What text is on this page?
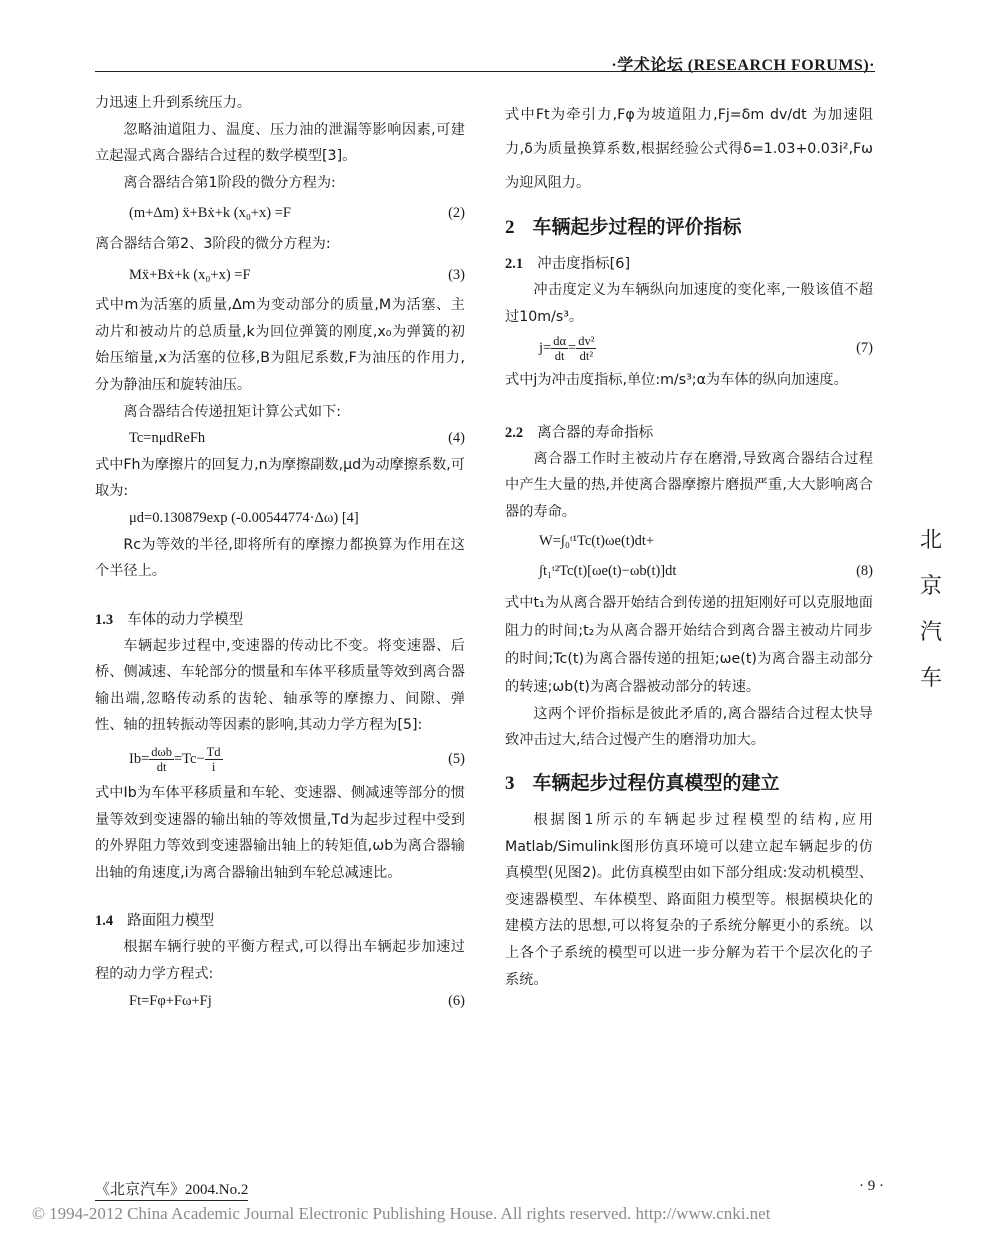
·学术论坛 (RESEARCH FORUMS)·

力迅速上升到系统压力。

忽略油道阻力、温度、压力油的泄漏等影响因素,可建立起湿式离合器结合过程的数学模型[3]。

离合器结合第1阶段的微分方程为:

(m+Δm) ẍ+Bẋ+k (x₀+x) =F	(2)

离合器结合第2、3阶段的微分方程为:

Mẍ+Bẋ+k (x₀+x) =F	(3)

式中m为活塞的质量,Δm为变动部分的质量,M为活塞、主动片和被动片的总质量,k为回位弹簧的刚度,x₀为弹簧的初始压缩量,x为活塞的位移,B为阻尼系数,F为油压的作用力,分为静油压和旋转油压。

离合器结合传递扭矩计算公式如下:

Tc=nμdReFh	(4)

式中Fh为摩擦片的回复力,n为摩擦副数,μd为动摩擦系数,可取为:

μd=0.130879exp (-0.00544774·Δω) [4]

Rc为等效的半径,即将所有的摩擦力都换算为作用在这个半径上。

1.3 车体的动力学模型

车辆起步过程中,变速器的传动比不变。将变速器、后桥、侧减速、车轮部分的惯量和车体平移质量等效到离合器输出端,忽略传动系的齿轮、轴承等的摩擦力、间隙、弹性、轴的扭转振动等因素的影响,其动力学方程为[5]:

$Ib= \frac{\text{dωb}}{dt} =Tc- \frac{Td}{i}$	(5)

式中Ib为车体平移质量和车轮、变速器、侧减速等部分的惯量等效到变速器的输出轴的等效惯量,Td为起步过程中受到的外界阻力等效到变速器输出轴上的转矩值,ωb为离合器输出轴的角速度,i为离合器输出轴到车轮总减速比。

1.4 路面阻力模型

根据车辆行驶的平衡方程式,可以得出车辆起步加速过程的动力学方程式:

Ft=Fφ+Fω+Fj	(6)

式中Ft为牵引力,Fφ为坡道阻力,Fj=δm dv/dt 为加速阻力,δ为质量换算系数,根据经验公式得δ=1.03+0.03i²,Fω为迎风阻力。

2 车辆起步过程的评价指标
2.1 冲击度指标[6]

冲击度定义为车辆纵向加速度的变化率,一般该值不超过10m/s³。

$j= \frac{d\alpha}{dt} = \frac{\text{dv²}}{\text{dt²}}$	(7)

式中j为冲击度指标,单位:m/s³;α为车体的纵向加速度。

2.2 离合器的寿命指标

离合器工作时主被动片存在磨滑,导致离合器结合过程中产生大量的热,并使离合器摩擦片磨损严重,大大影响离合器的寿命。

W=∫₀ᵗ¹Tc(t)ωe(t)dt+
∫t₁ᵗ²Tc(t)[ωe(t)−ωb(t)]dt	(8)

式中t₁为从离合器开始结合到传递的扭矩刚好可以克服地面阻力的时间;t₂为从离合器开始结合到离合器主被动片同步的时间;Tc(t)为离合器传递的扭矩;ωe(t)为离合器主动部分的转速;ωb(t)为离合器被动部分的转速。

这两个评价指标是彼此矛盾的,离合器结合过程太快导致冲击过大,结合过慢产生的磨滑功加大。

3 车辆起步过程仿真模型的建立

根据图1所示的车辆起步过程模型的结构,应用Matlab/Simulink图形仿真环境可以建立起车辆起步的仿真模型(见图2)。此仿真模型由如下部分组成:发动机模型、变速器模型、车体模型、路面阻力模型等。根据模块化的建模方法的思想,可以将复杂的子系统分解更小的系统。以上各个子系统的模型可以进一步分解为若干个层次化的子系统。

北
京
汽
车
《北京汽车》2004.No.2	· 9 ·
© 1994-2012 China Academic Journal Electronic Publishing House. All rights reserved. http://www.cnki.net
